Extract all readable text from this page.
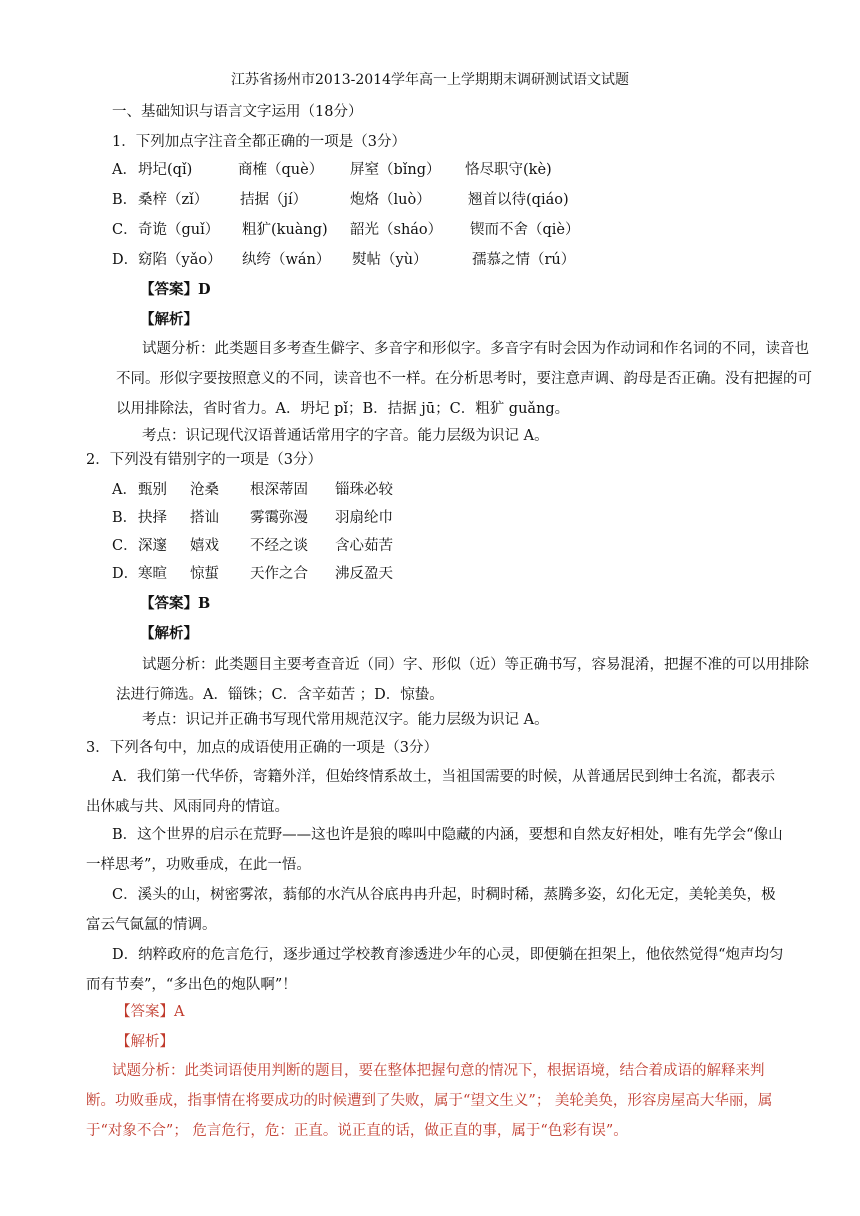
江苏省扬州市2013-2014学年高一上学期期末调研测试语文试题
一、基础知识与语言文字运用（18分）
1．下列加点字注音全都正确的一项是（3分）
A． 坍圮(qǐ)	商榷（què） 屏窒（bǐng） 恪尽职守(kè)
B． 桑梓（zǐ） 拮据（jí）	炮烙（luò）	翘首以待(qiáo)
C． 奇诡（guǐ） 粗犷(kuàng) 韶光（sháo） 锲而不舍（qiè）
D． 窈陷（yǎo） 纨绔（wán） 熨帖（yù）	孺慕之情（rú）
【答案】D
【解析】
试题分析：此类题目多考查生僻字、多音字和形似字。多音字有时会因为作动词和作名词的不同，读音也不同。形似字要按照意义的不同，读音也不一样。在分析思考时，要注意声调、韵母是否正确。没有把握的可以用排除法，省时省力。A．坍圮 pǐ；B．拮据 jū；C．粗犷 guǎng。
考点：识记现代汉语普通话常用字的字音。能力层级为识记 A。
2．下列没有错别字的一项是（3分）
A． 甄别 沧桑 根深蒂固 锱珠必较
B． 抉择 搭讪 雾霭弥漫 羽扇纶巾
C． 深邃 嬉戏 不经之谈 含心茹苦
D． 寒暄 惊蜇 天作之合 沸反盈天
【答案】B
【解析】
试题分析：此类题目主要考查音近（同）字、形似（近）等正确书写，容易混淆，把握不准的可以用排除法进行筛选。A．锱铢；C．含辛茹苦 ；D．惊蛰。
考点：识记并正确书写现代常用规范汉字。能力层级为识记 A。
3．下列各句中，加点的成语使用正确的一项是（3分）
A．我们第一代华侨，寄籍外洋，但始终情系故土，当祖国需要的时候，从普通居民到绅士名流，都表示出休戚与共、风雨同舟的情谊。
B．这个世界的启示在荒野——这也许是狼的嗥叫中隐藏的内涵，要想和自然友好相处，唯有先学会“像山一样思考”，功败垂成，在此一悟。
C．溪头的山，树密雾浓，蓊郁的水汽从谷底冉冉升起，时稠时稀，蒸腾多姿，幻化无定，美轮美奂，极富云气氤氲的情调。
D．纳粹政府的危言危行，逐步通过学校教育渗透进少年的心灵，即便躺在担架上，他依然觉得“炮声均匀而有节奏”，“多出色的炮队啊”！
【答案】A
【解析】
试题分析：此类词语使用判断的题目，要在整体把握句意的情况下，根据语境，结合着成语的解释来判断。功败垂成，指事情在将要成功的时候遭到了失败，属于“望文生义”； 美轮美奂，形容房屋高大华丽，属于“对象不合”； 危言危行，危：正直。说正直的话，做正直的事，属于“色彩有误”。
